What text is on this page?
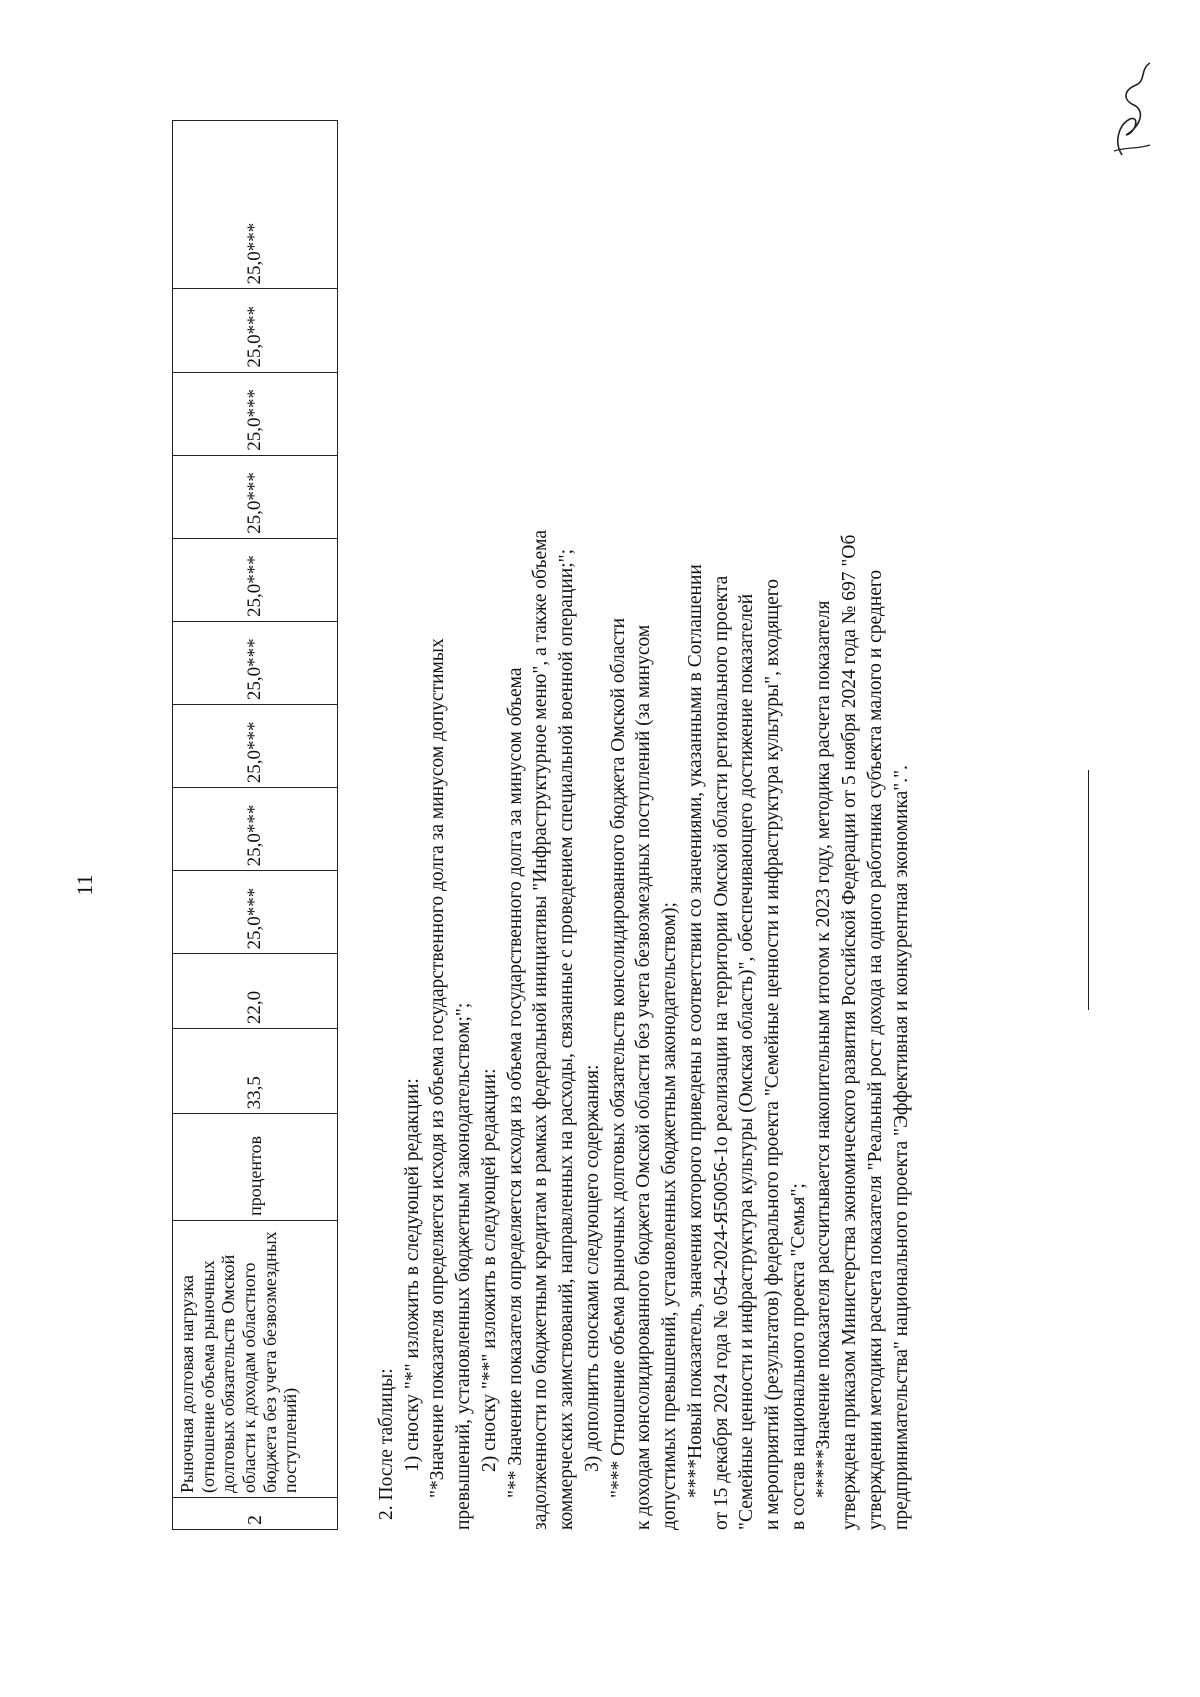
11
2	Рыночная долговая нагрузка (отношение объема рыночных долговых обязательств Омской области к доходам областного бюджета без учета безвозмездных поступлений)	процентов	33,5	22,0	25,0***	25,0***	25,0***	25,0***	25,0***	25,0***	25,0***	25,0***	25,0***

2. После таблицы: 1) сноску "*" изложить в следующей редакции: "*Значение показателя определяется исходя из объема государственного долга за минусом допустимых превышений, установленных бюджетным законодательством;"; 2) сноску "**" изложить в следующей редакции: "** Значение показателя определяется исходя из объема государственного долга за минусом объема задолженности по бюджетным кредитам в рамках федеральной инициативы "Инфраструктурное меню", а также объема коммерческих заимствований, направленных на расходы, связанные с проведением специальной военной операции;"; 3) дополнить сносками следующего содержания: "*** Отношение объема рыночных долговых обязательств консолидированного бюджета Омской области к доходам консолидированного бюджета Омской области без учета безвозмездных поступлений (за минусом допустимых превышений, установленных бюджетным законодательством); ****Новый показатель, значения которого приведены в соответствии со значениями, указанными в Соглашении от 15 декабря 2024 года № 054-2024-Я50056-1о реализации на территории Омской области регионального проекта "Семейные ценности и инфраструктура культуры (Омская область)", обеспечивающего достижение показателей и мероприятий (результатов) федерального проекта "Семейные ценности и инфраструктура культуры", входящего в состав национального проекта "Семья"; *****Значение показателя рассчитывается накопительным итогом к 2023 году, методика расчета показателя утверждена приказом Министерства экономического развития Российской Федерации от 5 ноября 2024 года № 697 "Об утверждении методики расчета показателя "Реальный рост дохода на одного работника субъекта малого и среднего предпринимательства" национального проекта "Эффективная и конкурентная экономика".".
